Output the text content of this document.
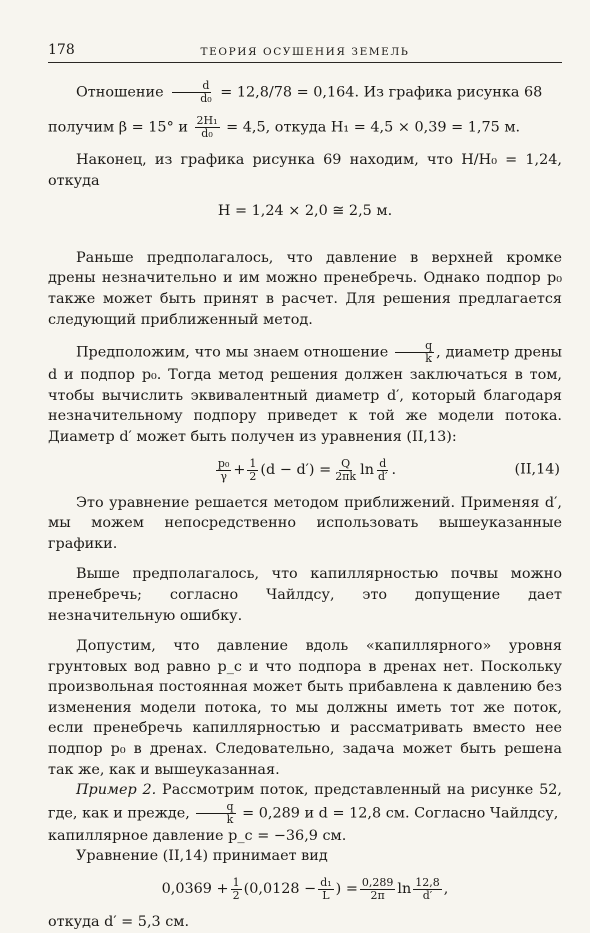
178	ТЕОРИЯ ОСУШЕНИЯ ЗЕМЕЛЬ

Отношение $\frac{d}{\text{d₀}} = 12,8/78 = 0,164$. Из графика рисунка 68

получим β = 15° и $\frac{\text{2H₁}}{\text{d₀}} = 4,5$, откуда H₁ = 4,5 × 0,39 = 1,75 м.

Наконец, из графика рисунка 69 находим, что H/H₀ = 1,24, откуда

H = 1,24 × 2,0 ≅ 2,5 м.

Раньше предполагалось, что давление в верхней кромке дрены незначительно и им можно пренебречь. Однако подпор p₀ также может быть принят в расчет. Для решения предлагается следующий приближенный метод.

Предположим, что мы знаем отношение $\frac{q}{k}$ , диаметр дрены d и подпор p₀. Тогда метод решения должен заключаться в том, чтобы вычислить эквивалентный диаметр d′, который благодаря незначительному подпору приведет к той же модели потока. Диаметр d′ может быть получен из уравнения (II,13):

$\frac{\text{p₀}}{\gamma} + \frac{1}{2} (d - d') = \frac{Q}{2\pi k}$ $\ln \frac{d}{d'}$ .	(II,14)

Это уравнение решается методом приближений. Применяя d′, мы можем непосредственно использовать вышеуказанные графики.

Выше предполагалось, что капиллярностью почвы можно пренебречь; согласно Чайлдсу, это допущение дает незначительную ошибку.

Допустим, что давление вдоль «капиллярного» уровня грунтовых вод равно p_c и что подпора в дренах нет. Поскольку произвольная постоянная может быть прибавлена к давлению без изменения модели потока, то мы должны иметь тот же поток, если пренебречь капиллярностью и рассматривать вместо нее подпор p₀ в дренах. Следовательно, задача может быть решена так же, как и вышеуказанная.

Пример 2. Рассмотрим поток, представленный на рисунке 52, где, как и прежде, $\frac{q}{k} = 0,289$ и d = 12,8 см. Согласно Чайлдсу,

капиллярное давление p_c = −36,9 см.

Уравнение (II,14) принимает вид

$0,0369 + \frac{1}{2} (0,0128 - \frac{\text{d₁}}{L}$ ) = $\frac{0,289}{2\pi}$ $\ln \frac{12,8}{d'}$ ,

откуда d′ = 5,3 см.
